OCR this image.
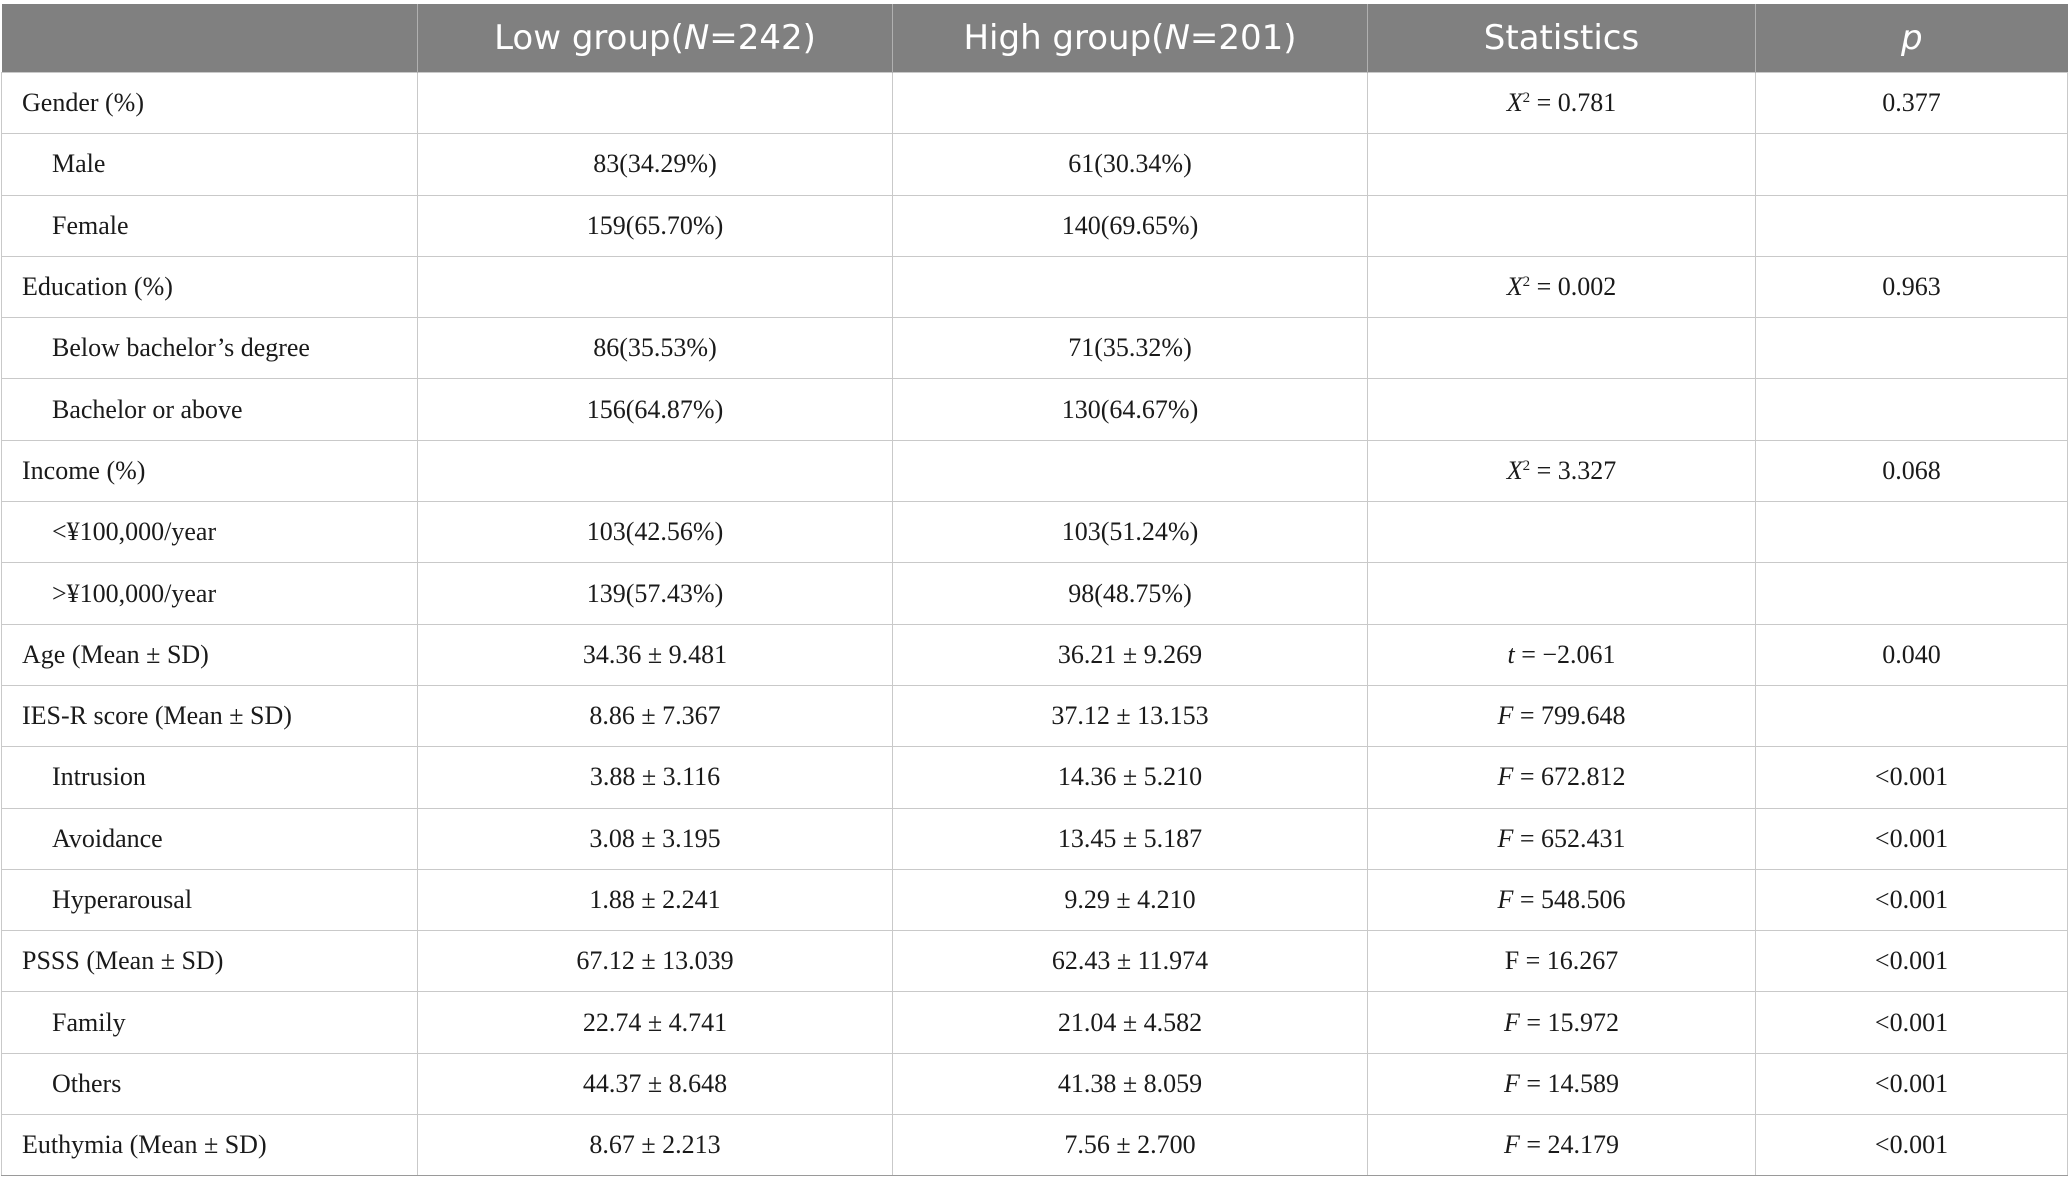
	Low group(N=242)	High group(N=201)	Statistics	p
Gender (%)			$X^2 = 0.781$	0.377
Male	83(34.29%)	61(30.34%)		
Female	159(65.70%)	140(69.65%)		
Education (%)			$X^2 = 0.002$	0.963
Below bachelor’s degree	86(35.53%)	71(35.32%)		
Bachelor or above	156(64.87%)	130(64.67%)		
Income (%)			$X^2 = 3.327$	0.068
<¥100,000/year	103(42.56%)	103(51.24%)		
>¥100,000/year	139(57.43%)	98(48.75%)		
Age (Mean ± SD)	34.36 ± 9.481	36.21 ± 9.269	t = −2.061	0.040
IES-R score (Mean ± SD)	8.86 ± 7.367	37.12 ± 13.153	F = 799.648	
Intrusion	3.88 ± 3.116	14.36 ± 5.210	F = 672.812	<0.001
Avoidance	3.08 ± 3.195	13.45 ± 5.187	F = 652.431	<0.001
Hyperarousal	1.88 ± 2.241	9.29 ± 4.210	F = 548.506	<0.001
PSSS (Mean ± SD)	67.12 ± 13.039	62.43 ± 11.974	F = 16.267	<0.001
Family	22.74 ± 4.741	21.04 ± 4.582	F = 15.972	<0.001
Others	44.37 ± 8.648	41.38 ± 8.059	F = 14.589	<0.001
Euthymia (Mean ± SD)	8.67 ± 2.213	7.56 ± 2.700	F = 24.179	<0.001
